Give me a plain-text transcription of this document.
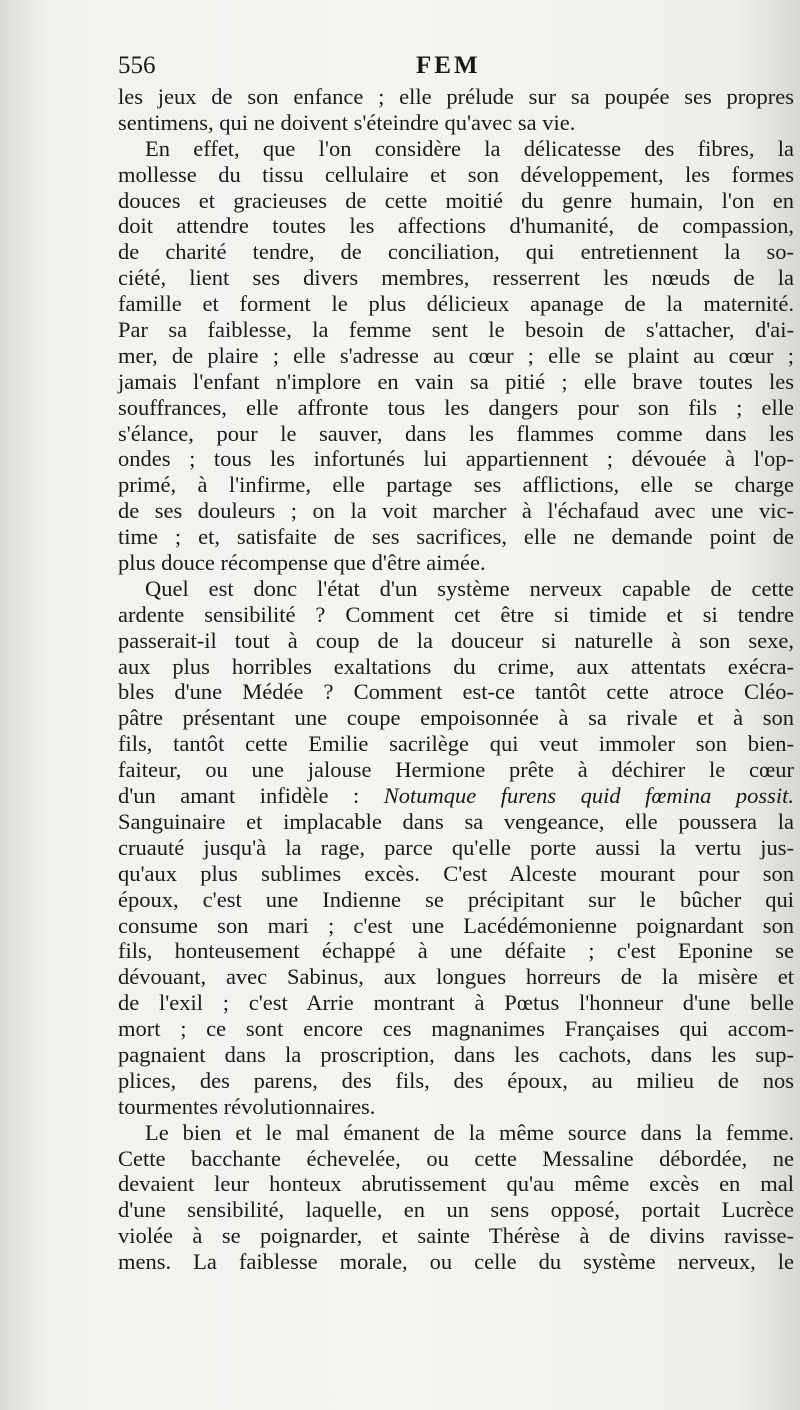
556	FEM
les jeux de son enfance ; elle prélude sur sa poupée ses propres
sentimens, qui ne doivent s'éteindre qu'avec sa vie.
En effet, que l'on considère la délicatesse des fibres, la
mollesse du tissu cellulaire et son développement, les formes
douces et gracieuses de cette moitié du genre humain, l'on en
doit attendre toutes les affections d'humanité, de compassion,
de charité tendre, de conciliation, qui entretiennent la so-
ciété, lient ses divers membres, resserrent les nœuds de la
famille et forment le plus délicieux apanage de la maternité.
Par sa faiblesse, la femme sent le besoin de s'attacher, d'ai-
mer, de plaire ; elle s'adresse au cœur ; elle se plaint au cœur ;
jamais l'enfant n'implore en vain sa pitié ; elle brave toutes les
souffrances, elle affronte tous les dangers pour son fils ; elle
s'élance, pour le sauver, dans les flammes comme dans les
ondes ; tous les infortunés lui appartiennent ; dévouée à l'op-
primé, à l'infirme, elle partage ses afflictions, elle se charge
de ses douleurs ; on la voit marcher à l'échafaud avec une vic-
time ; et, satisfaite de ses sacrifices, elle ne demande point de
plus douce récompense que d'être aimée.
Quel est donc l'état d'un système nerveux capable de cette
ardente sensibilité ? Comment cet être si timide et si tendre
passerait-il tout à coup de la douceur si naturelle à son sexe,
aux plus horribles exaltations du crime, aux attentats exécra-
bles d'une Médée ? Comment est-ce tantôt cette atroce Cléo-
pâtre présentant une coupe empoisonnée à sa rivale et à son
fils, tantôt cette Emilie sacrilège qui veut immoler son bien-
faiteur, ou une jalouse Hermione prête à déchirer le cœur
d'un amant infidèle : Notumque furens quid fœmina possit.
Sanguinaire et implacable dans sa vengeance, elle poussera la
cruauté jusqu'à la rage, parce qu'elle porte aussi la vertu jus-
qu'aux plus sublimes excès. C'est Alceste mourant pour son
époux, c'est une Indienne se précipitant sur le bûcher qui
consume son mari ; c'est une Lacédémonienne poignardant son
fils, honteusement échappé à une défaite ; c'est Eponine se
dévouant, avec Sabinus, aux longues horreurs de la misère et
de l'exil ; c'est Arrie montrant à Pœtus l'honneur d'une belle
mort ; ce sont encore ces magnanimes Françaises qui accom-
pagnaient dans la proscription, dans les cachots, dans les sup-
plices, des parens, des fils, des époux, au milieu de nos
tourmentes révolutionnaires.
Le bien et le mal émanent de la même source dans la femme.
Cette bacchante échevelée, ou cette Messaline débordée, ne
devaient leur honteux abrutissement qu'au même excès en mal
d'une sensibilité, laquelle, en un sens opposé, portait Lucrèce
violée à se poignarder, et sainte Thérèse à de divins ravisse-
mens. La faiblesse morale, ou celle du système nerveux, le
